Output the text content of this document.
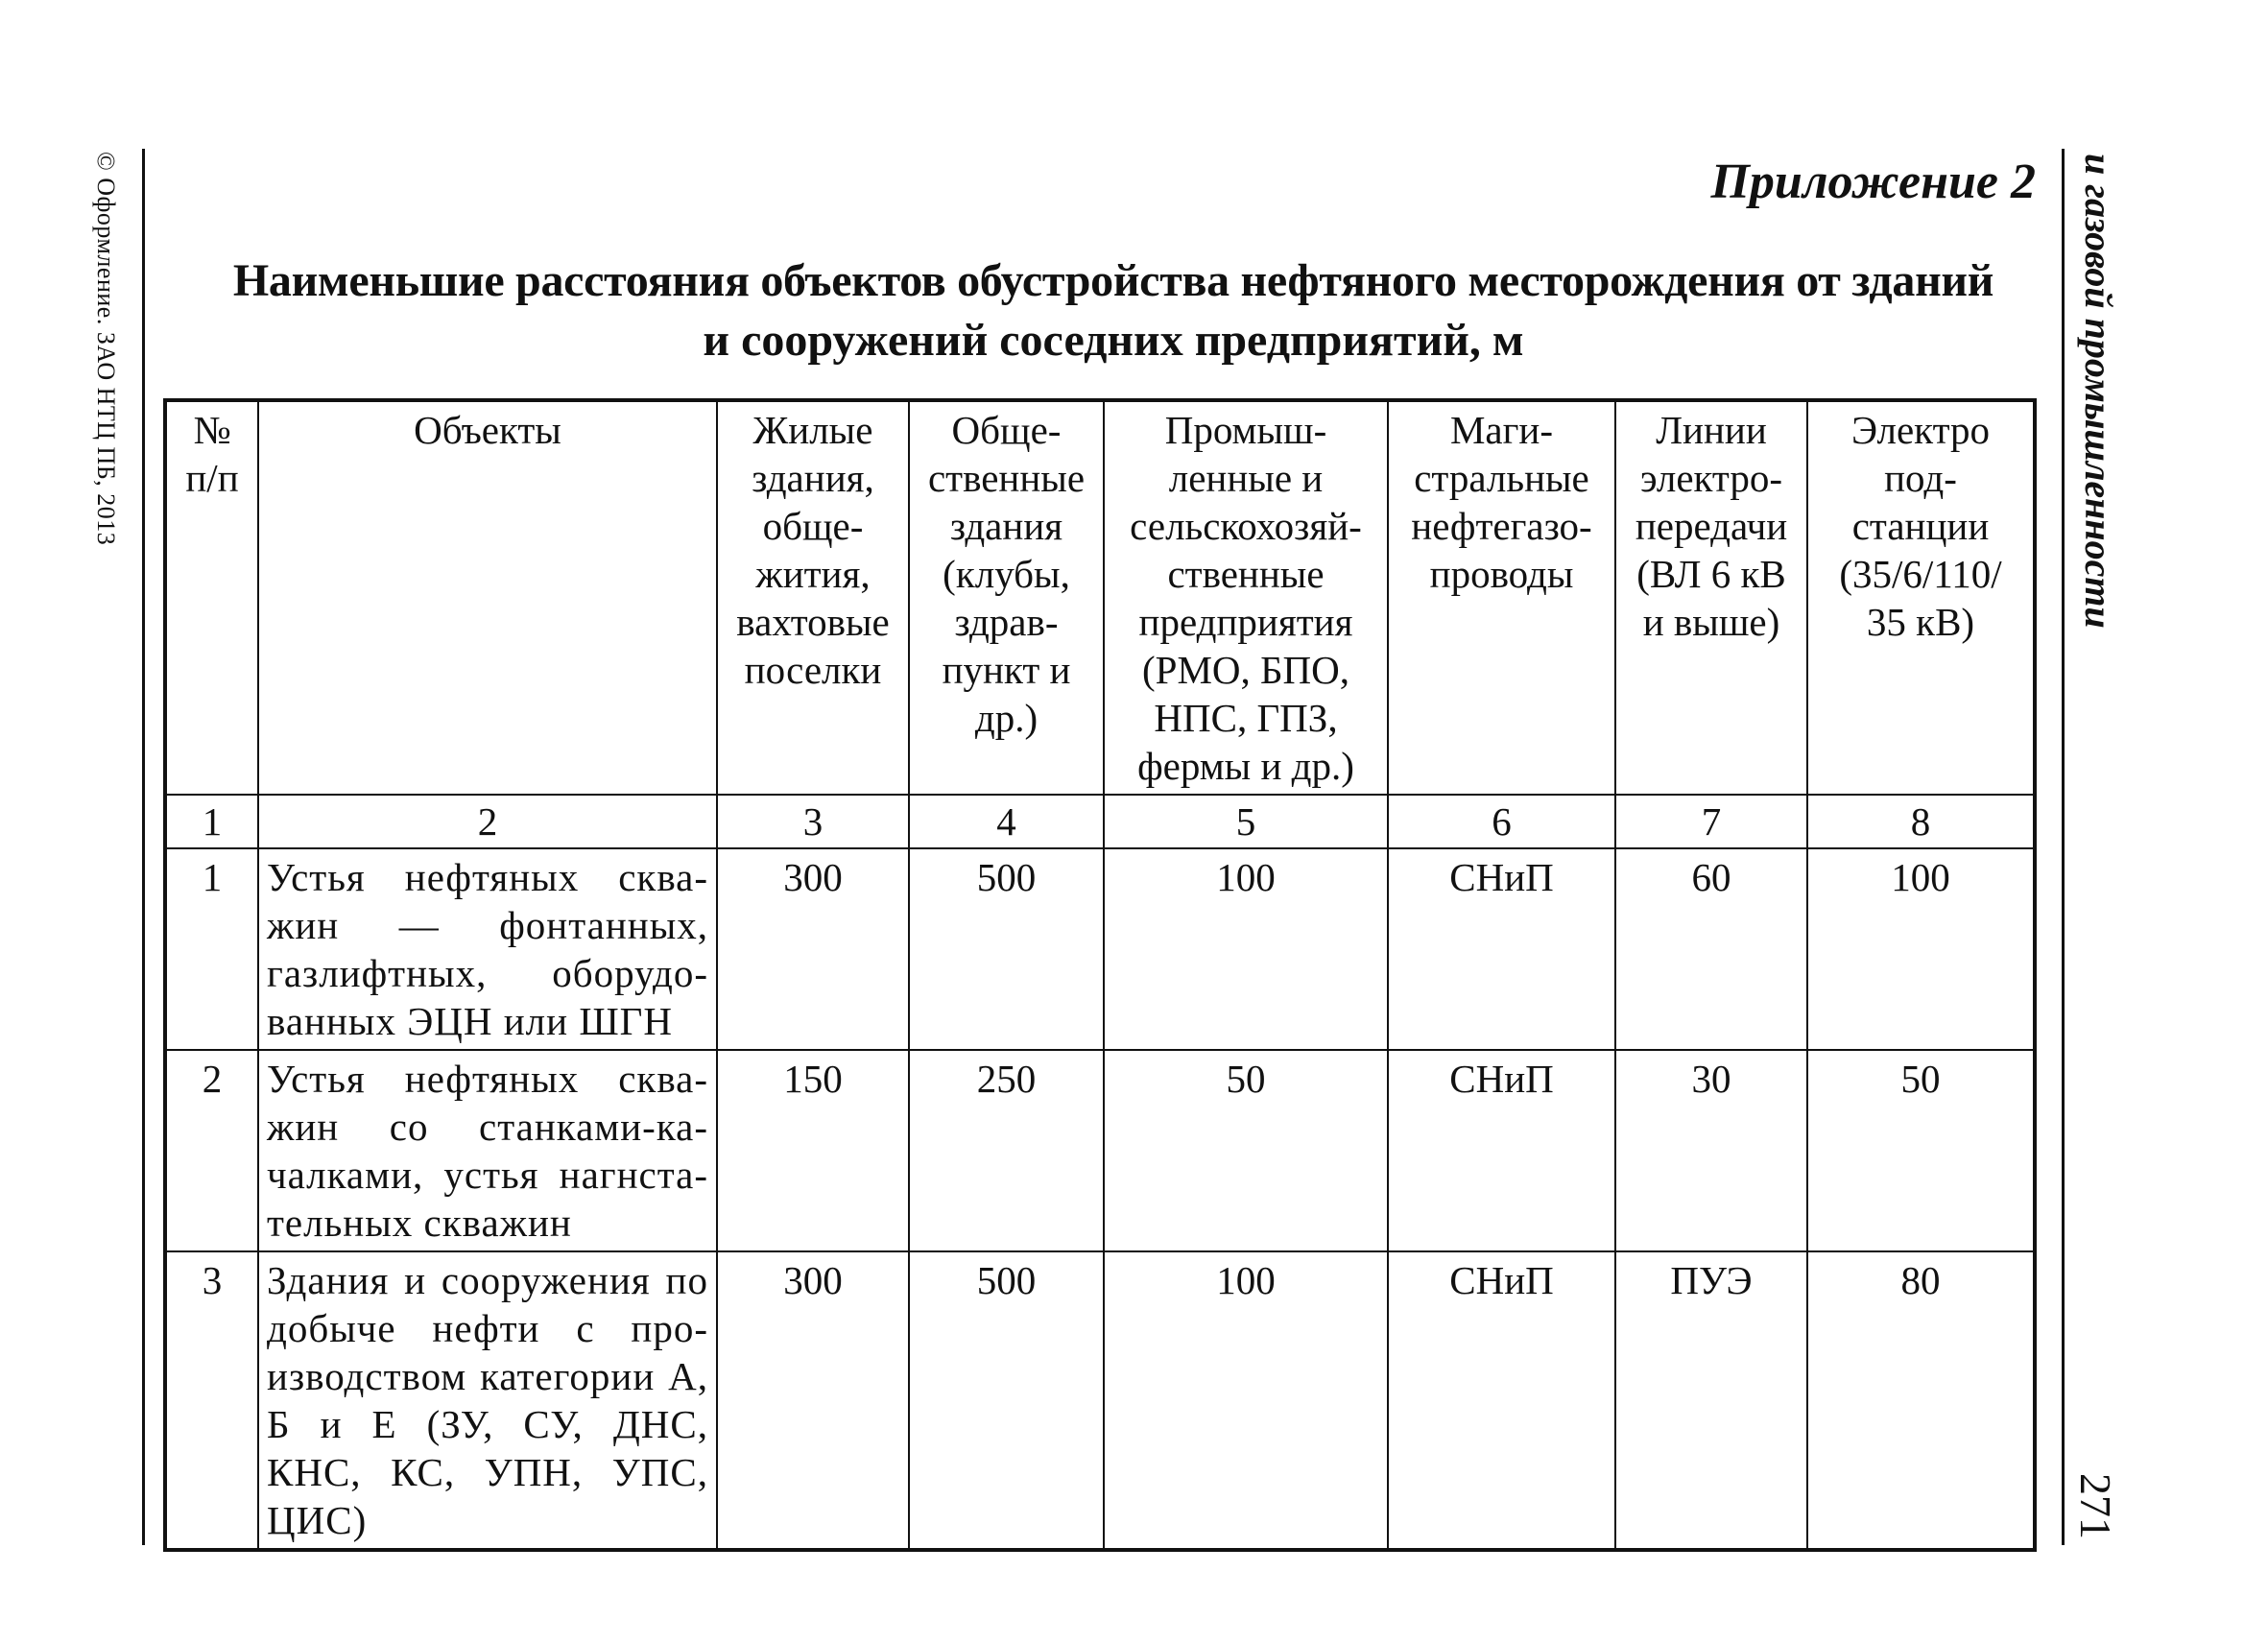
© Оформление. ЗАО НТЦ ПБ, 2013	и газовой промышленности
271
Приложение 2
Наименьшие расстояния объектов обустройства нефтяного месторождения от зданий
и сооружений соседних предприятий, м
№ п/п	Объекты	Жилые здания, обще-жития, вахтовые поселки	Обще-ственные здания (клубы, здрав-пункт и др.)	Промыш-ленные и сельскохозяй-ственные предприятия (РМО, БПО, НПС, ГПЗ, фермы и др.)	Маги-стральные нефтегазо-проводы	Линии электро-передачи (ВЛ 6 кВ и выше)	Электро под-станции (35/6/110/ 35 кВ)
1	2	3	4	5	6	7	8
1	Устья нефтяных сква-жин — фонтанных, газлифтных, оборудо-ванных ЭЦН или ШГН	300	500	100	СНиП	60	100
2	Устья нефтяных сква-жин со станками-ка-чалками, устья нагнста-тельных скважин	150	250	50	СНиП	30	50
3	Здания и сооружения по добыче нефти с про-изводством категории А, Б и Е (ЗУ, СУ, ДНС, КНС, КС, УПН, УПС, ЦИС)	300	500	100	СНиП	ПУЭ	80
